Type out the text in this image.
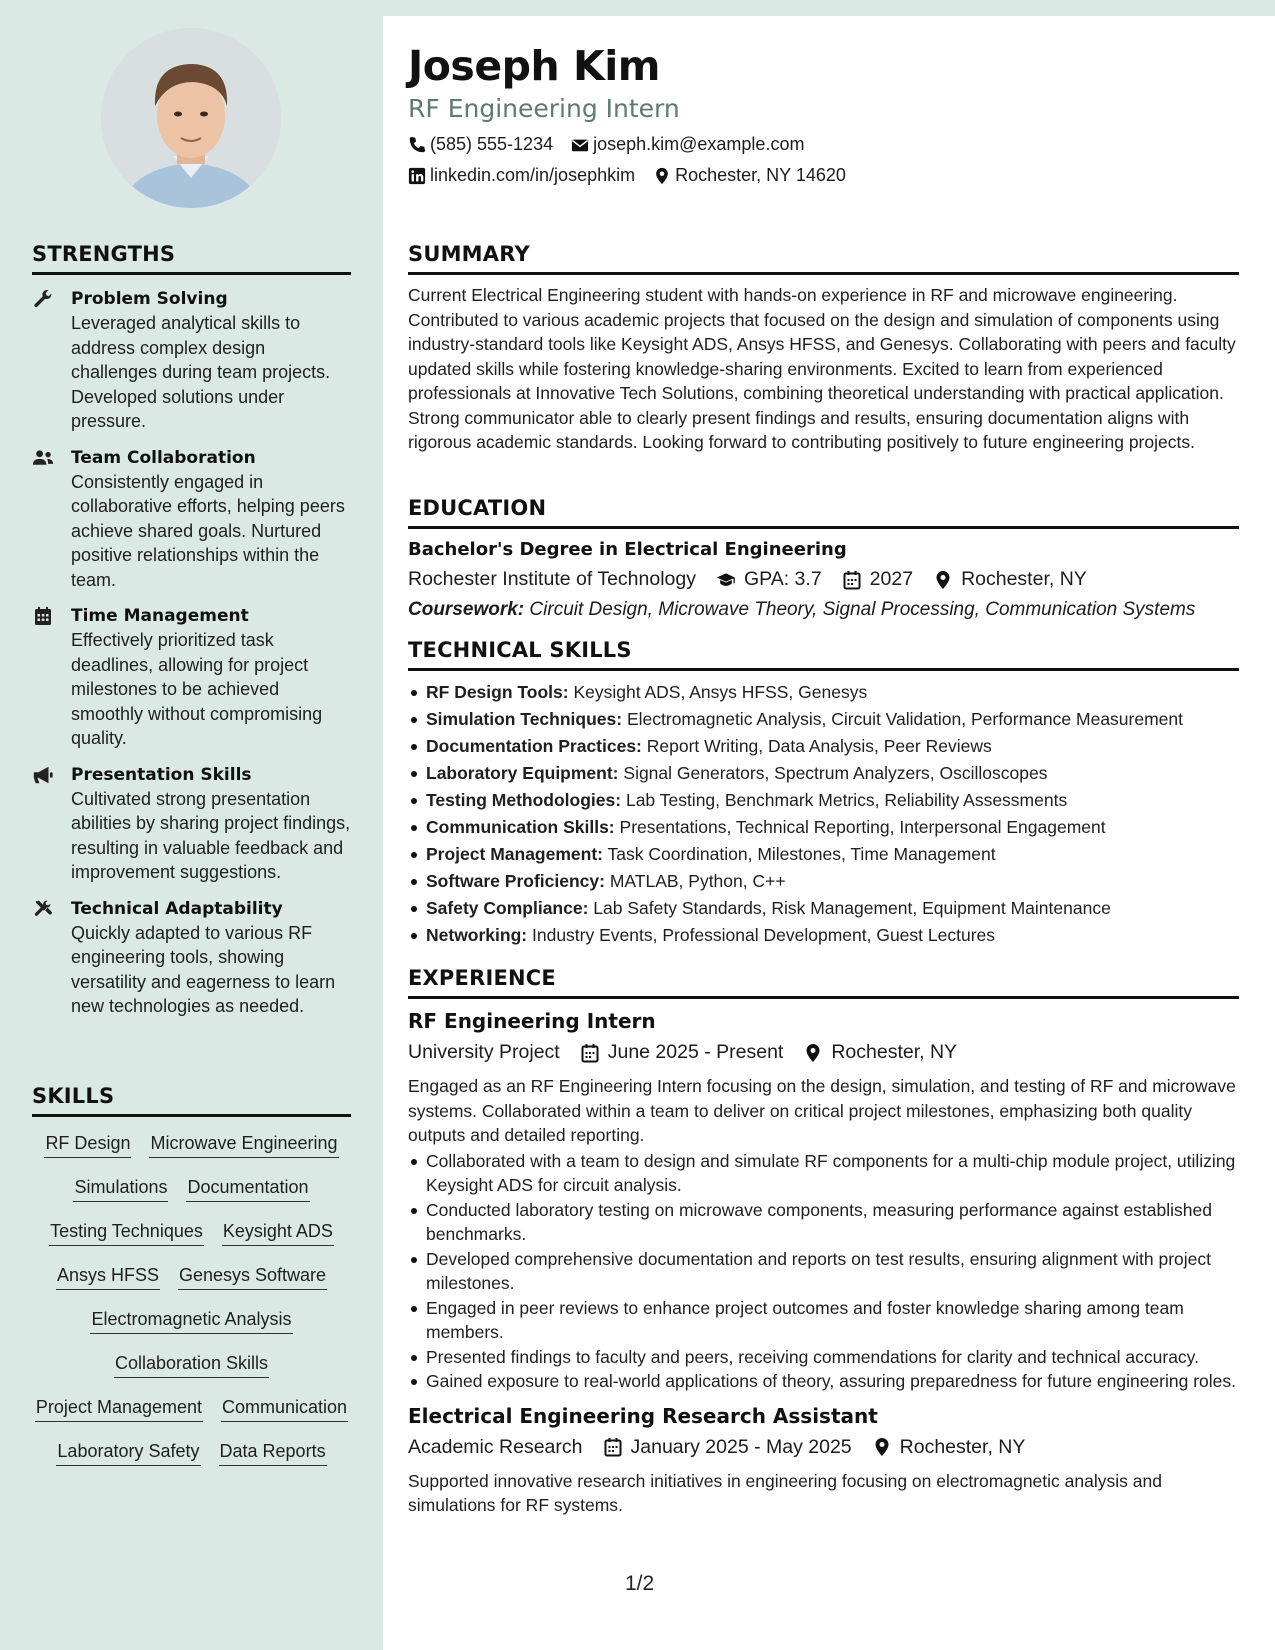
STRENGTHS
Problem Solving
Leveraged analytical skills to address complex design challenges during team projects. Developed solutions under pressure.
Team Collaboration
Consistently engaged in collaborative efforts, helping peers achieve shared goals. Nurtured positive relationships within the team.
Time Management
Effectively prioritized task deadlines, allowing for project milestones to be achieved smoothly without compromising quality.
Presentation Skills
Cultivated strong presentation abilities by sharing project findings, resulting in valuable feedback and improvement suggestions.
Technical Adaptability
Quickly adapted to various RF engineering tools, showing versatility and eagerness to learn new technologies as needed.
SKILLS
RF Design Microwave Engineering
Simulations Documentation
Testing Techniques Keysight ADS
Ansys HFSS Genesys Software
Electromagnetic Analysis
Collaboration Skills
Project Management Communication
Laboratory Safety Data Reports
Joseph Kim
RF Engineering Intern
(585) 555-1234 joseph.kim@example.com
linkedin.com/in/josephkim Rochester, NY 14620
SUMMARY
Current Electrical Engineering student with hands-on experience in RF and microwave engineering. Contributed to various academic projects that focused on the design and simulation of components using industry-standard tools like Keysight ADS, Ansys HFSS, and Genesys. Collaborating with peers and faculty updated skills while fostering knowledge-sharing environments. Excited to learn from experienced professionals at Innovative Tech Solutions, combining theoretical understanding with practical application. Strong communicator able to clearly present findings and results, ensuring documentation aligns with rigorous academic standards. Looking forward to contributing positively to future engineering projects.
EDUCATION
Bachelor's Degree in Electrical Engineering
Rochester Institute of Technology GPA: 3.7 2027 Rochester, NY
Coursework: Circuit Design, Microwave Theory, Signal Processing, Communication Systems
TECHNICAL SKILLS
RF Design Tools: Keysight ADS, Ansys HFSS, Genesys
Simulation Techniques: Electromagnetic Analysis, Circuit Validation, Performance Measurement
Documentation Practices: Report Writing, Data Analysis, Peer Reviews
Laboratory Equipment: Signal Generators, Spectrum Analyzers, Oscilloscopes
Testing Methodologies: Lab Testing, Benchmark Metrics, Reliability Assessments
Communication Skills: Presentations, Technical Reporting, Interpersonal Engagement
Project Management: Task Coordination, Milestones, Time Management
Software Proficiency: MATLAB, Python, C++
Safety Compliance: Lab Safety Standards, Risk Management, Equipment Maintenance
Networking: Industry Events, Professional Development, Guest Lectures
EXPERIENCE
RF Engineering Intern
University Project June 2025 - Present Rochester, NY
Engaged as an RF Engineering Intern focusing on the design, simulation, and testing of RF and microwave systems. Collaborated within a team to deliver on critical project milestones, emphasizing both quality outputs and detailed reporting.
Collaborated with a team to design and simulate RF components for a multi-chip module project, utilizing Keysight ADS for circuit analysis.
Conducted laboratory testing on microwave components, measuring performance against established benchmarks.
Developed comprehensive documentation and reports on test results, ensuring alignment with project milestones.
Engaged in peer reviews to enhance project outcomes and foster knowledge sharing among team members.
Presented findings to faculty and peers, receiving commendations for clarity and technical accuracy.
Gained exposure to real-world applications of theory, assuring preparedness for future engineering roles.
Electrical Engineering Research Assistant
Academic Research January 2025 - May 2025 Rochester, NY
Supported innovative research initiatives in engineering focusing on electromagnetic analysis and simulations for RF systems.
1/2
